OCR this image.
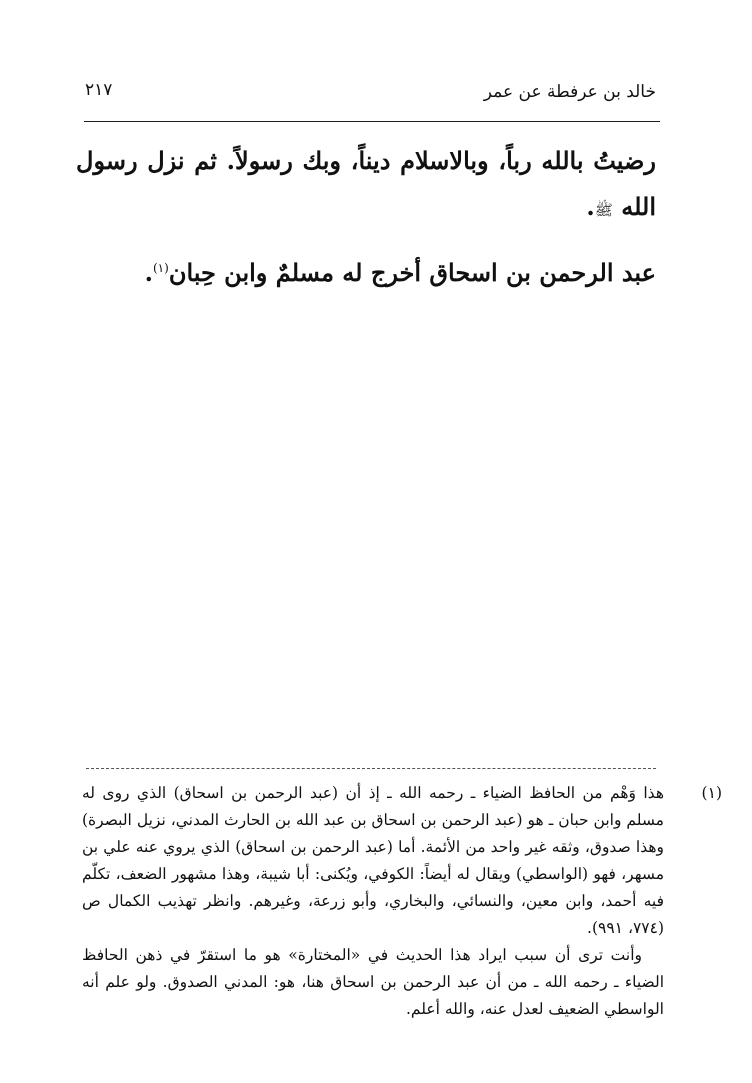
خالد بن عرفطة عن عمر
٢١٧

رضيتُ بالله رباً، وبالاسلام ديناً، وبك رسولاً. ثم نزل رسول الله ﷺ.

عبد الرحمن بن اسحاق أخرج له مسلمٌ وابن حِبان$^{(١)}$.

(١)

هذا وَهْم من الحافظ الضياء ـ رحمه الله ـ إذ أن (عبد الرحمن بن اسحاق) الذي روى له مسلم وابن حبان ـ هو (عبد الرحمن بن اسحاق بن عبد الله بن الحارث المدني، نزيل البصرة) وهذا صدوق، وثقه غير واحد من الأئمة. أما (عبد الرحمن بن اسحاق) الذي يروي عنه علي بن مسهر، فهو (الواسطي) ويقال له أيضاً: الكوفي، ويُكنى: أبا شيبة، وهذا مشهور الضعف، تكلّم فيه أحمد، وابن معين، والنسائي، والبخاري، وأبو زرعة، وغيرهم. وانظر تهذيب الكمال ص (٧٧٤، ٩٩١).

وأنت ترى أن سبب ايراد هذا الحديث في «المختارة» هو ما استقرّ في ذهن الحافظ الضياء ـ رحمه الله ـ من أن عبد الرحمن بن اسحاق هنا، هو: المدني الصدوق. ولو علم أنه الواسطي الضعيف لعدل عنه، والله أعلم.
